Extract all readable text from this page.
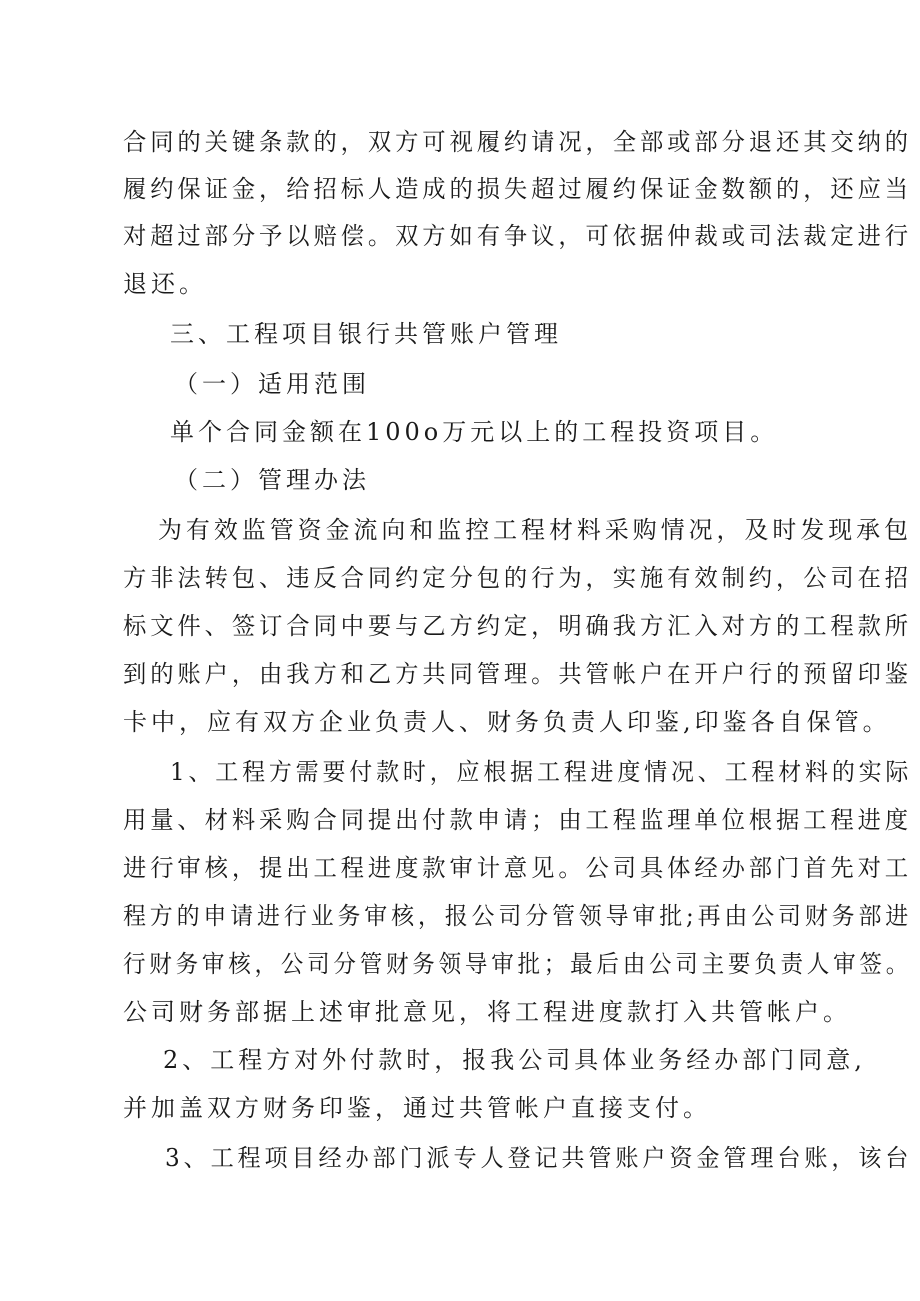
合同的关键条款的，双方可视履约请况，全部或部分退还其交纳的
履约保证金，给招标人造成的损失超过履约保证金数额的，还应当
对超过部分予以赔偿。双方如有争议，可依据仲裁或司法裁定进行
退还。
三、工程项目银行共管账户管理
（一）适用范围
单个合同金额在100o万元以上的工程投资项目。
（二）管理办法
为有效监管资金流向和监控工程材料采购情况，及时发现承包
方非法转包、违反合同约定分包的行为，实施有效制约，公司在招
标文件、签订合同中要与乙方约定，明确我方汇入对方的工程款所
到的账户，由我方和乙方共同管理。共管帐户在开户行的预留印鉴
卡中，应有双方企业负责人、财务负责人印鉴,印鉴各自保管。
1、工程方需要付款时，应根据工程进度情况、工程材料的实际
用量、材料采购合同提出付款申请；由工程监理单位根据工程进度
进行审核，提出工程进度款审计意见。公司具体经办部门首先对工
程方的申请进行业务审核，报公司分管领导审批;再由公司财务部进
行财务审核，公司分管财务领导审批；最后由公司主要负责人审签。
公司财务部据上述审批意见，将工程进度款打入共管帐户。
2、工程方对外付款时，报我公司具体业务经办部门同意,
并加盖双方财务印鉴，通过共管帐户直接支付。
3、工程项目经办部门派专人登记共管账户资金管理台账，该台
